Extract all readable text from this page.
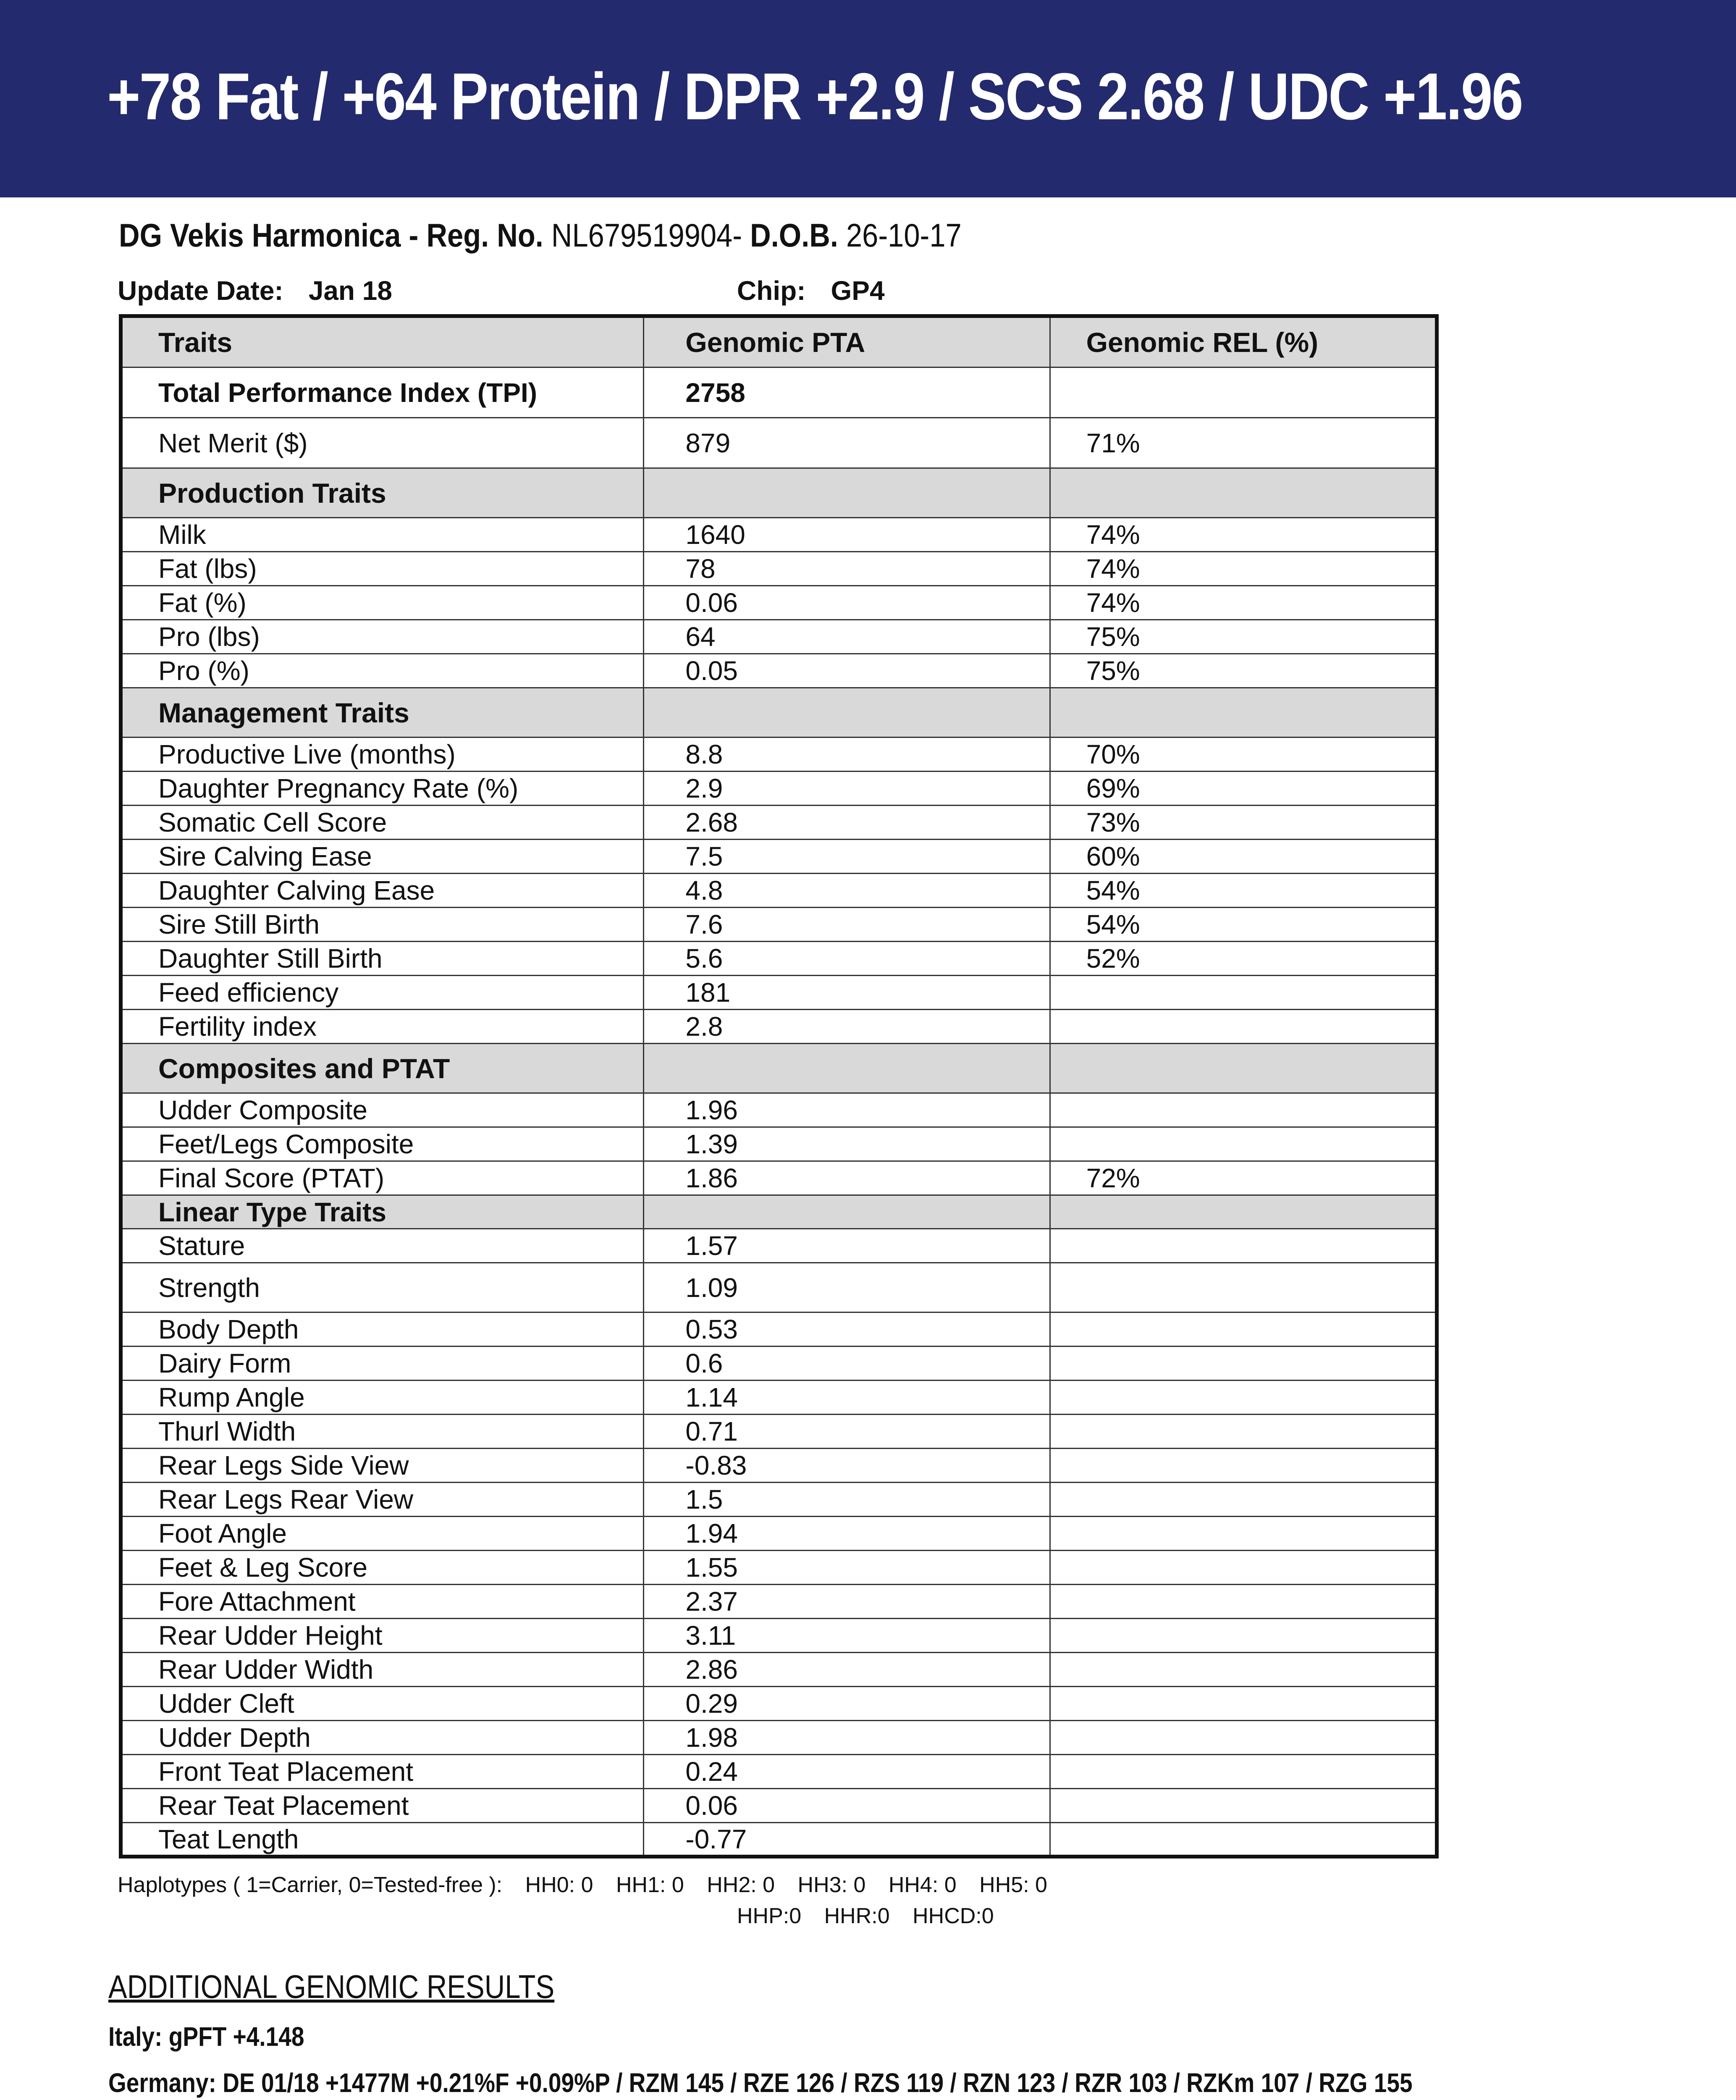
+78 Fat / +64 Protein / DPR +2.9 / SCS 2.68 / UDC +1.96
DG Vekis Harmonica - Reg. No. NL679519904- D.O.B. 26-10-17
Update Date: Jan 18	Chip: GP4
Traits	Genomic PTA	Genomic REL (%)
Total Performance Index (TPI)	2758	
Net Merit ($)	879	71%
Production Traits		
Milk	1640	74%
Fat (lbs)	78	74%
Fat (%)	0.06	74%
Pro (lbs)	64	75%
Pro (%)	0.05	75%
Management Traits		
Productive Live (months)	8.8	70%
Daughter Pregnancy Rate (%)	2.9	69%
Somatic Cell Score	2.68	73%
Sire Calving Ease	7.5	60%
Daughter Calving Ease	4.8	54%
Sire Still Birth	7.6	54%
Daughter Still Birth	5.6	52%
Feed efficiency	181	
Fertility index	2.8	
Composites and PTAT		
Udder Composite	1.96	
Feet/Legs Composite	1.39	
Final Score (PTAT)	1.86	72%
Linear Type Traits		
Stature	1.57	
Strength	1.09	
Body Depth	0.53	
Dairy Form	0.6	
Rump Angle	1.14	
Thurl Width	0.71	
Rear Legs Side View	-0.83	
Rear Legs Rear View	1.5	
Foot Angle	1.94	
Feet & Leg Score	1.55	
Fore Attachment	2.37	
Rear Udder Height	3.11	
Rear Udder Width	2.86	
Udder Cleft	0.29	
Udder Depth	1.98	
Front Teat Placement	0.24	
Rear Teat Placement	0.06	
Teat Length	-0.77	
Haplotypes ( 1=Carrier, 0=Tested-free ): HH0: 0 HH1: 0 HH2: 0 HH3: 0 HH4: 0 HH5: 0
HHP:0 HHR:0 HHCD:0
ADDITIONAL GENOMIC RESULTS
Italy: gPFT +4.148
Germany: DE 01/18 +1477M +0.21%F +0.09%P / RZM 145 / RZE 126 / RZS 119 / RZN 123 / RZR 103 / RZKm 107 / RZG 155
